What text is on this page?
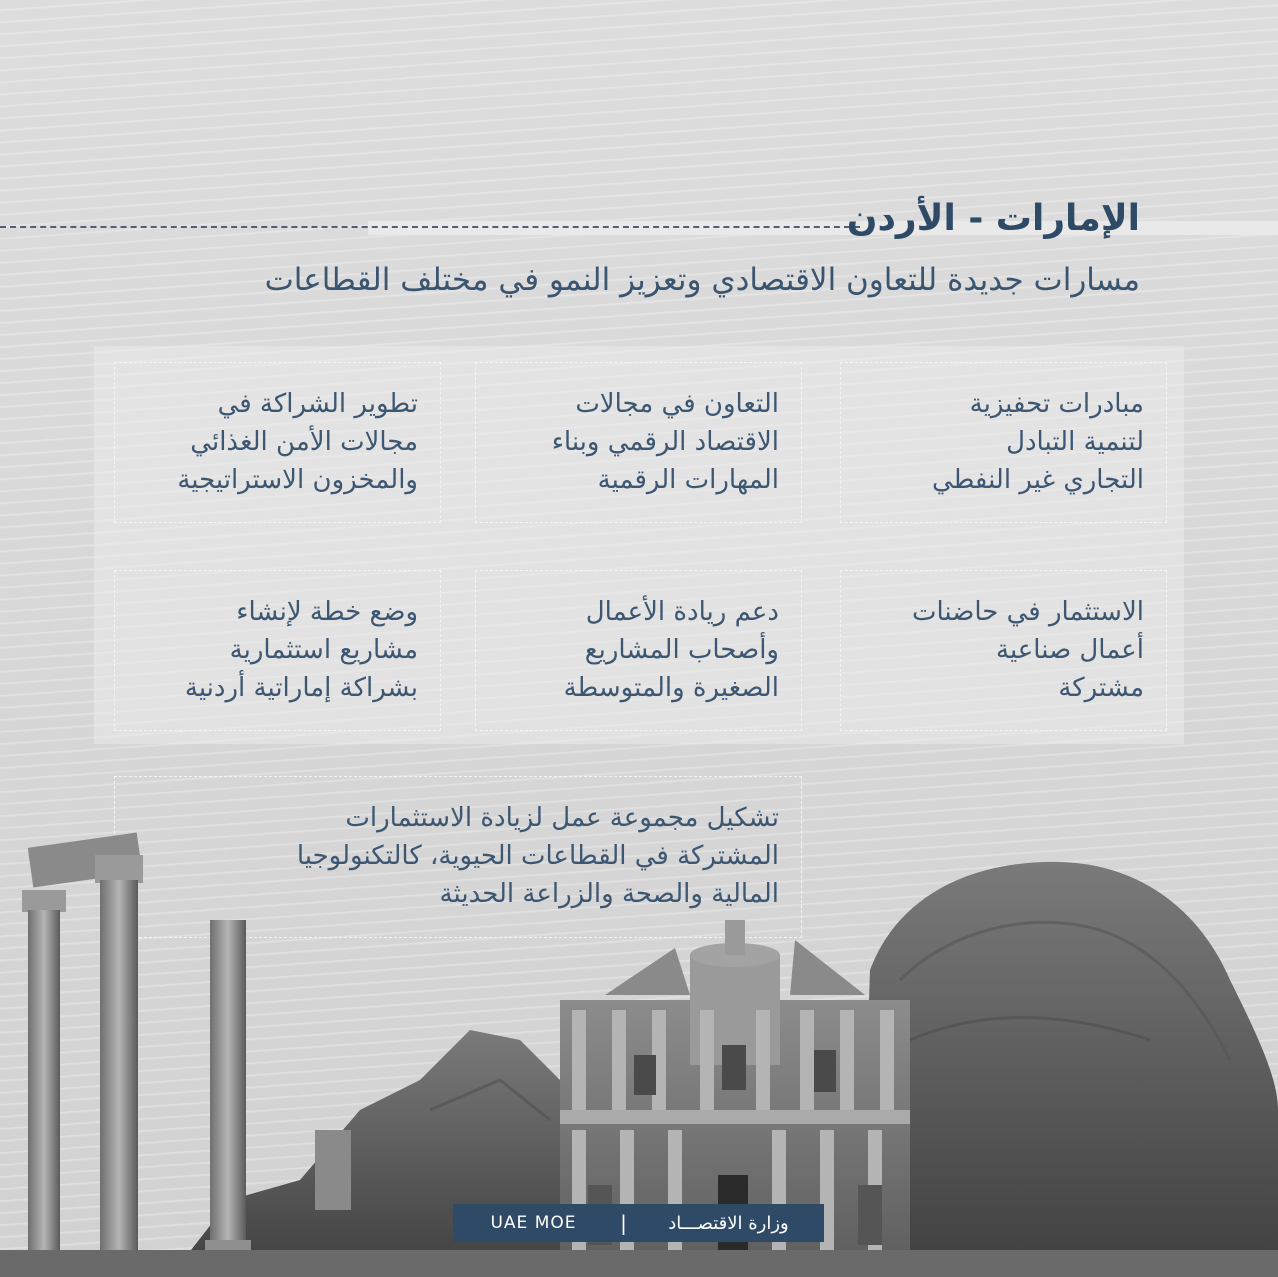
الإمارات - الأردن
مسارات جديدة للتعاون الاقتصادي وتعزيز النمو في مختلف القطاعات
مبادرات تحفيزية
لتنمية التبادل
التجاري غير النفطي
التعاون في مجالات
الاقتصاد الرقمي وبناء
المهارات الرقمية
تطوير الشراكة في
مجالات الأمن الغذائي
والمخزون الاستراتيجية
الاستثمار في حاضنات
أعمال صناعية
مشتركة
دعم ريادة الأعمال
وأصحاب المشاريع
الصغيرة والمتوسطة
وضع خطة لإنشاء
مشاريع استثمارية
بشراكة إماراتية أردنية
تشكيل مجموعة عمل لزيادة الاستثمارات
المشتركة في القطاعات الحيوية، كالتكنولوجيا
المالية والصحة والزراعة الحديثة
UAE MOE	|	وزارة الاقتصـــاد
